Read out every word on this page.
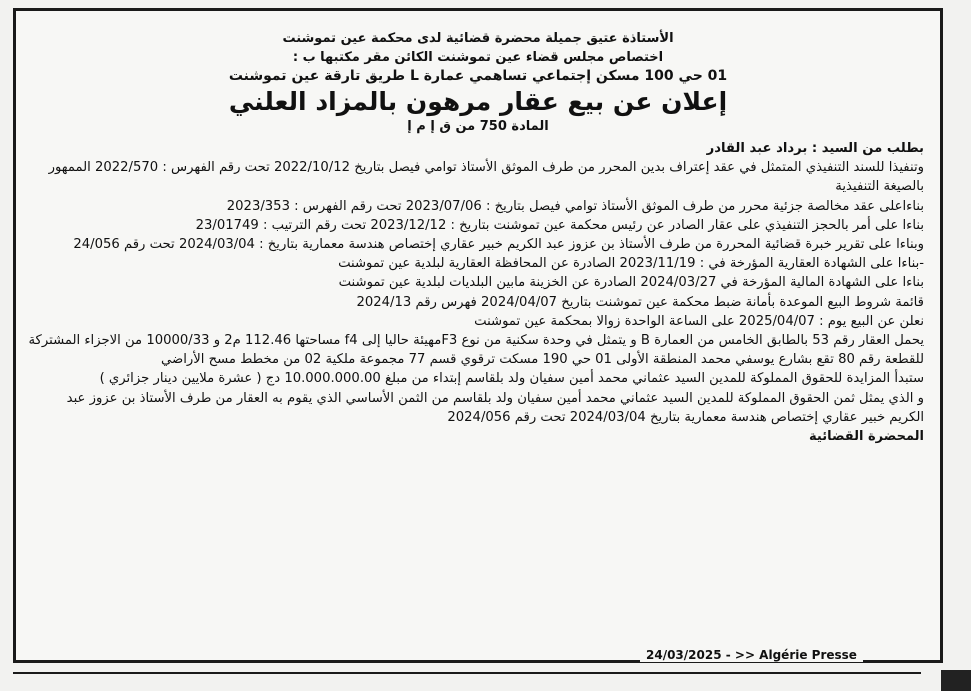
الأستاذة عتيق جميلة محضرة قضائية لدى محكمة عين تموشنت
اختصاص مجلس قضاء عين تموشنت الكائن مقر مكتبها ب :
01 حي 100 مسكن إجتماعي تساهمي عمارة L طريق تارقة عين تموشنت
إعلان عن بيع عقار مرهون بالمزاد العلني
المادة 750 من ق إ م إ
بطلب من السيد : برداد عبد القادر
وتنفيذا للسند التنفيذي المتمثل في عقد إعتراف بدين المحرر من طرف الموثق الأستاذ توامي فيصل بتاريخ 2022/10/12 تحت رقم الفهرس : 2022/570 الممهور بالصيغة التنفيذية
بناءاعلى عقد مخالصة جزئية محرر من طرف الموثق الأستاذ توامي فيصل بتاريخ : 2023/07/06 تحت رقم الفهرس : 2023/353
بناءا على أمر بالحجز التنفيذي على عقار الصادر عن رئيس محكمة عين تموشنت بتاريخ : 2023/12/12 تحت رقم الترتيب : 23/01749
وبناءا على تقرير خبرة قضائية المحررة من طرف الأستاذ بن عزوز عبد الكريم خبير عقاري إختصاص هندسة معمارية بتاريخ : 2024/03/04 تحت رقم 24/056
-بناءا على الشهادة العقارية المؤرخة في : 2023/11/19 الصادرة عن المحافظة العقارية لبلدية عين تموشنت
بناءا على الشهادة المالية المؤرخة في 2024/03/27 الصادرة عن الخزينة مابين البلديات لبلدية عين تموشنت
قائمة شروط البيع الموعدة بأمانة ضبط محكمة عين تموشنت بتاريخ 2024/04/07 فهرس رقم 2024/13
نعلن عن البيع يوم : 2025/04/07 على الساعة الواحدة زوالا بمحكمة عين تموشنت
يحمل العقار رقم 53 بالطابق الخامس من العمارة B و يتمثل في وحدة سكنية من نوع F3مهيئة حاليا إلى f4 مساحتها 112.46 م2 و 10000/33 من الاجزاء المشتركة للقطعة رقم 80 تقع بشارع يوسفي محمد المنطقة الأولى 01 حي 190 مسكت ترقوي قسم 77 مجموعة ملكية 02 من مخطط مسح الأراضي
ستبدأ المزايدة للحقوق المملوكة للمدين السيد عثماني محمد أمين سفيان ولد بلقاسم إبتداء من مبلغ 10.000.000.00 دج ( عشرة ملايين دينار جزائري )
و الذي يمثل ثمن الحقوق المملوكة للمدين السيد عثماني محمد أمين سفيان ولد بلقاسم من الثمن الأساسي الذي يقوم به العقار من طرف الأستاذ بن عزوز عبد الكريم خبير عقاري إختصاص هندسة معمارية بتاريخ 2024/03/04 تحت رقم 2024/056
المحضرة القضائية
24/03/2025 - >> Algérie Presse
